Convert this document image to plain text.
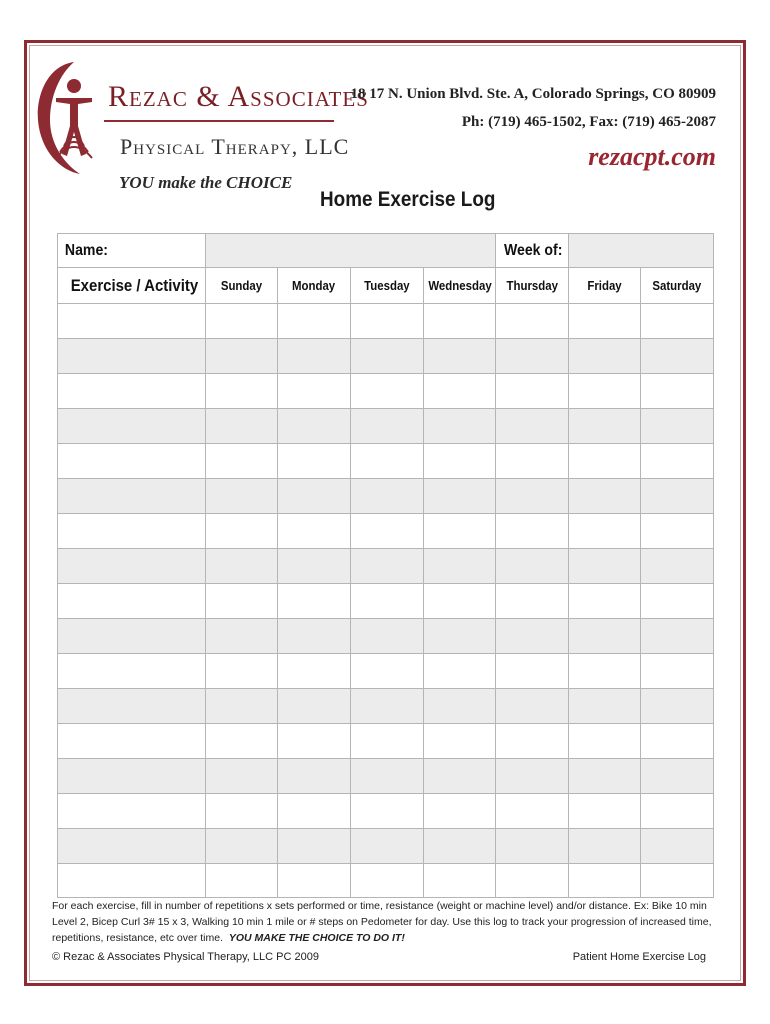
Rezac & Associates
Physical Therapy, LLC
YOU make the CHOICE
18 17 N. Union Blvd. Ste. A, Colorado Springs, CO 80909
Ph: (719) 465-1502, Fax: (719) 465-2087
rezacpt.com
Home Exercise Log
Name:					Week of:		
Exercise / Activity	Sunday	Monday	Tuesday	Wednesday	Thursday	Friday	Saturday

For each exercise, fill in number of repetitions x sets performed or time, resistance (weight or machine level) and/or distance. Ex: Bike 10 min Level 2, Bicep Curl 3# 15 x 3, Walking 10 min 1 mile or # steps on Pedometer for day. Use this log to track your progression of increased time, repetitions, resistance, etc over time. YOU MAKE THE CHOICE TO DO IT!
© Rezac & Associates Physical Therapy, LLC PC 2009	Patient Home Exercise Log
